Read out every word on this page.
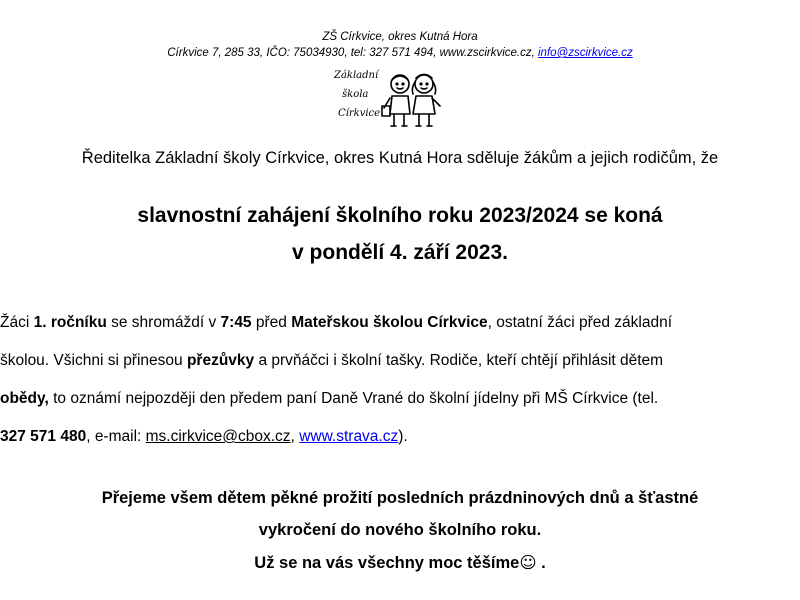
ZŠ Církvice, okres Kutná Hora
Církvice 7, 285 33, IČO: 75034930, tel: 327 571 494, www.zscirkvice.cz, info@zscirkvice.cz
Základní
škola
Církvice
Ředitelka Základní školy Církvice, okres Kutná Hora sděluje žákům a jejich rodičům, že
slavnostní zahájení školního roku 2023/2024 se koná
v pondělí 4. září 2023.
Žáci 1. ročníku se shromáždí v 7:45 před Mateřskou školou Církvice, ostatní žáci před základní
školou. Všichni si přinesou přezůvky a prvňáčci i školní tašky. Rodiče, kteří chtějí přihlásit dětem
obědy, to oznámí nejpozději den předem paní Daně Vrané do školní jídelny při MŠ Církvice (tel.
327 571 480, e-mail: ms.cirkvice@cbox.cz, www.strava.cz).
Přejeme všem dětem pěkné prožití posledních prázdninových dnů a šťastné
vykročení do nového školního roku.
Už se na vás všechny moc těšíme☺ .
